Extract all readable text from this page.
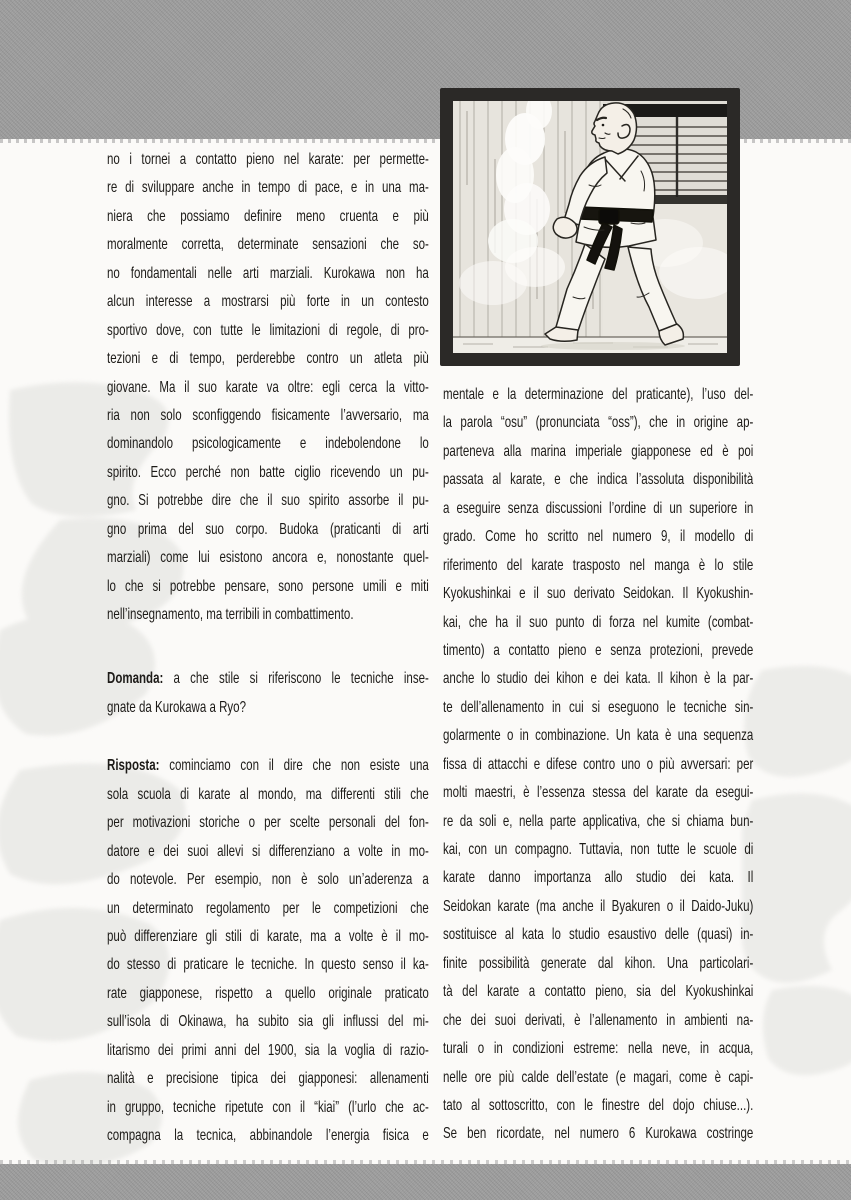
no i tornei a contatto pieno nel karate: per permette-
re di sviluppare anche in tempo di pace, e in una ma-
niera che possiamo definire meno cruenta e più
moralmente corretta, determinate sensazioni che so-
no fondamentali nelle arti marziali. Kurokawa non ha
alcun interesse a mostrarsi più forte in un contesto
sportivo dove, con tutte le limitazioni di regole, di pro-
tezioni e di tempo, perderebbe contro un atleta più
giovane. Ma il suo karate va oltre: egli cerca la vitto-
ria non solo sconfiggendo fisicamente l’avversario, ma
dominandolo psicologicamente e indebolendone lo
spirito. Ecco perché non batte ciglio ricevendo un pu-
gno. Si potrebbe dire che il suo spirito assorbe il pu-
gno prima del suo corpo. Budoka (praticanti di arti
marziali) come lui esistono ancora e, nonostante quel-
lo che si potrebbe pensare, sono persone umili e miti
nell’insegnamento, ma terribili in combattimento.
Domanda: a che stile si riferiscono le tecniche inse-
gnate da Kurokawa a Ryo?
Risposta: cominciamo con il dire che non esiste una
sola scuola di karate al mondo, ma differenti stili che
per motivazioni storiche o per scelte personali del fon-
datore e dei suoi allevi si differenziano a volte in mo-
do notevole. Per esempio, non è solo un’aderenza a
un determinato regolamento per le competizioni che
può differenziare gli stili di karate, ma a volte è il mo-
do stesso di praticare le tecniche. In questo senso il ka-
rate giapponese, rispetto a quello originale praticato
sull’isola di Okinawa, ha subito sia gli influssi del mi-
litarismo dei primi anni del 1900, sia la voglia di razio-
nalità e precisione tipica dei giapponesi: allenamenti
in gruppo, tecniche ripetute con il “kiai” (l’urlo che ac-
compagna la tecnica, abbinandole l’energia fisica e
mentale e la determinazione del praticante), l’uso del-
la parola “osu” (pronunciata “oss”), che in origine ap-
parteneva alla marina imperiale giapponese ed è poi
passata al karate, e che indica l’assoluta disponibilità
a eseguire senza discussioni l’ordine di un superiore in
grado. Come ho scritto nel numero 9, il modello di
riferimento del karate trasposto nel manga è lo stile
Kyokushinkai e il suo derivato Seidokan. Il Kyokushin-
kai, che ha il suo punto di forza nel kumite (combat-
timento) a contatto pieno e senza protezioni, prevede
anche lo studio dei kihon e dei kata. Il kihon è la par-
te dell’allenamento in cui si eseguono le tecniche sin-
golarmente o in combinazione. Un kata è una sequenza
fissa di attacchi e difese contro uno o più avversari: per
molti maestri, è l’essenza stessa del karate da esegui-
re da soli e, nella parte applicativa, che si chiama bun-
kai, con un compagno. Tuttavia, non tutte le scuole di
karate danno importanza allo studio dei kata. Il
Seidokan karate (ma anche il Byakuren o il Daido-Juku)
sostituisce al kata lo studio esaustivo delle (quasi) in-
finite possibilità generate dal kihon. Una particolari-
tà del karate a contatto pieno, sia del Kyokushinkai
che dei suoi derivati, è l’allenamento in ambienti na-
turali o in condizioni estreme: nella neve, in acqua,
nelle ore più calde dell’estate (e magari, come è capi-
tato al sottoscritto, con le finestre del dojo chiuse...).
Se ben ricordate, nel numero 6 Kurokawa costringe
